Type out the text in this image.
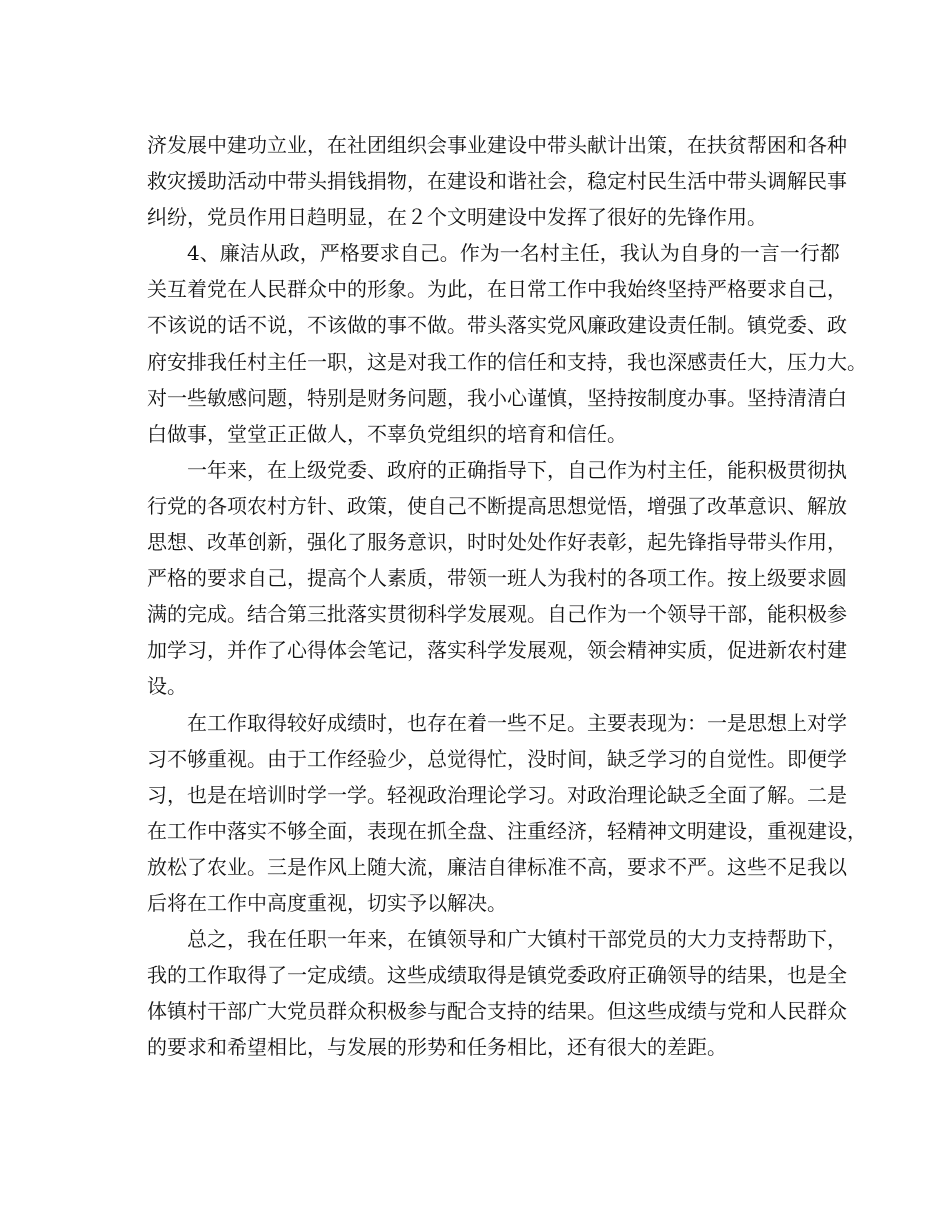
济发展中建功立业，在社团组织会事业建设中带头献计出策，在扶贫帮困和各种
救灾援助活动中带头捐钱捐物，在建设和谐社会，稳定村民生活中带头调解民事
纠纷，党员作用日趋明显，在２个文明建设中发挥了很好的先锋作用。
4、廉洁从政，严格要求自己。作为一名村主任，我认为自身的一言一行都
关互着党在人民群众中的形象。为此，在日常工作中我始终坚持严格要求自己，
不该说的话不说，不该做的事不做。带头落实党风廉政建设责任制。镇党委、政
府安排我任村主任一职，这是对我工作的信任和支持，我也深感责任大，压力大。
对一些敏感问题，特别是财务问题，我小心谨慎，坚持按制度办事。坚持清清白
白做事，堂堂正正做人，不辜负党组织的培育和信任。
一年来，在上级党委、政府的正确指导下，自己作为村主任，能积极贯彻执
行党的各项农村方针、政策，使自己不断提高思想觉悟，增强了改革意识、解放
思想、改革创新，强化了服务意识，时时处处作好表彰，起先锋指导带头作用，
严格的要求自己，提高个人素质，带领一班人为我村的各项工作。按上级要求圆
满的完成。结合第三批落实贯彻科学发展观。自己作为一个领导干部，能积极参
加学习，并作了心得体会笔记，落实科学发展观，领会精神实质，促进新农村建
设。
在工作取得较好成绩时，也存在着一些不足。主要表现为：一是思想上对学
习不够重视。由于工作经验少，总觉得忙，没时间，缺乏学习的自觉性。即便学
习，也是在培训时学一学。轻视政治理论学习。对政治理论缺乏全面了解。二是
在工作中落实不够全面，表现在抓全盘、注重经济，轻精神文明建设，重视建设，
放松了农业。三是作风上随大流，廉洁自律标准不高，要求不严。这些不足我以
后将在工作中高度重视，切实予以解决。
总之，我在任职一年来，在镇领导和广大镇村干部党员的大力支持帮助下，
我的工作取得了一定成绩。这些成绩取得是镇党委政府正确领导的结果，也是全
体镇村干部广大党员群众积极参与配合支持的结果。但这些成绩与党和人民群众
的要求和希望相比，与发展的形势和任务相比，还有很大的差距。
